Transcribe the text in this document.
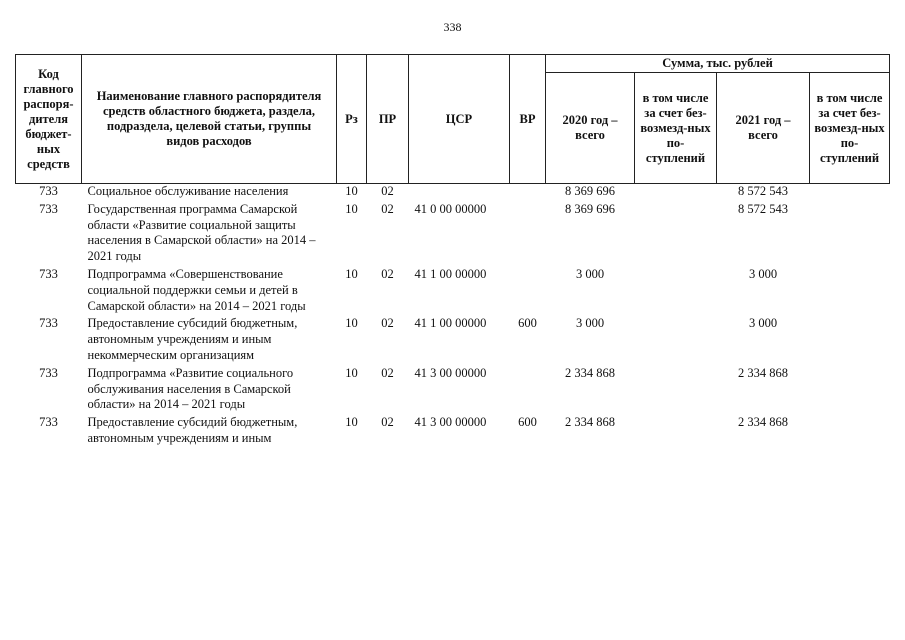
338
Код главного распоря-дителя бюджет-ных средств	Наименование главного распорядителя средств областного бюджета, раздела, подраздела, целевой статьи, группы видов расходов	Рз	ПР	ЦСР	ВР	Сумма, тыс. рублей			
						2020 год – всего	в том числе за счет без-возмезд-ных по-ступлений	2021 год – всего	в том числе за счет без-возмезд-ных по-ступлений
733	Социальное обслуживание населения	10	02			8 369 696		8 572 543	
733	Государственная программа Самарской области «Развитие социальной защиты населения в Самарской области» на 2014 – 2021 годы	10	02	41 0 00 00000		8 369 696		8 572 543	
733	Подпрограмма «Совершенствование социальной поддержки семьи и детей в Самарской области» на 2014 – 2021 годы	10	02	41 1 00 00000		3 000		3 000	
733	Предоставление субсидий бюджетным, автономным учреждениям и иным некоммерческим организациям	10	02	41 1 00 00000	600	3 000		3 000	
733	Подпрограмма «Развитие социального обслуживания населения в Самарской области» на 2014 – 2021 годы	10	02	41 3 00 00000		2 334 868		2 334 868	
733	Предоставление субсидий бюджетным, автономным учреждениям и иным	10	02	41 3 00 00000	600	2 334 868		2 334 868	
